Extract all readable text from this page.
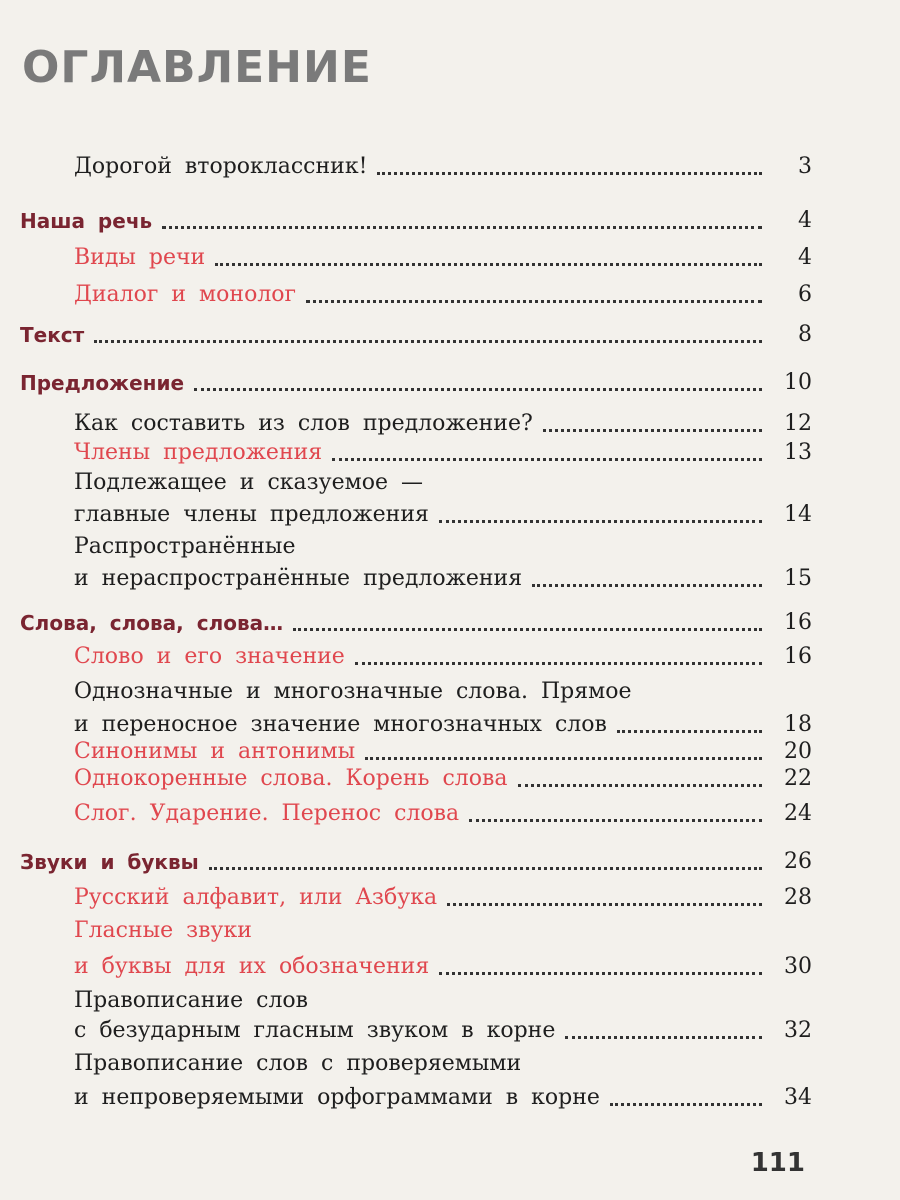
ОГЛАВЛЕНИЕ
Дорогой второклассник!	3
Наша речь	4
Виды речи	4
Диалог и монолог	6
Текст	8
Предложение	10
Как составить из слов предложение?	12
Члены предложения	13
Подлежащее и сказуемое —
главные члены предложения	14
Распространённые
и нераспространённые предложения	15
Слова, слова, слова…	16
Слово и его значение	16
Однозначные и многозначные слова. Прямое
и переносное значение многозначных слов	18
Синонимы и антонимы	20
Однокоренные слова. Корень слова	22
Слог. Ударение. Перенос слова	24
Звуки и буквы	26
Русский алфавит, или Азбука	28
Гласные звуки
и буквы для их обозначения	30
Правописание слов
с безударным гласным звуком в корне	32
Правописание слов с проверяемыми
и непроверяемыми орфограммами в корне	34
111
